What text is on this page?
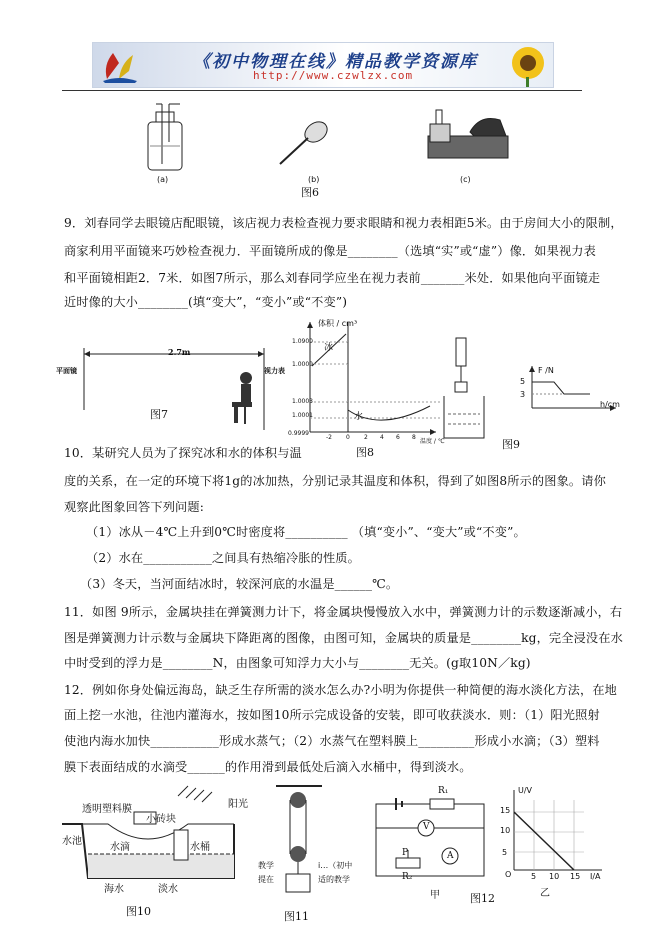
《初中物理在线》精品教学资源库
http://www.czwlzx.com
(a)	(b)	(c)
图6
9．刘春同学去眼镜店配眼镜，该店视力表检查视力要求眼睛和视力表相距5米。由于房间大小的限制，
商家利用平面镜来巧妙检查视力．平面镜所成的像是________（选填“实”或“虚”）像．如果视力表
和平面镜相距2．7米．如图7所示，那么刘春同学应坐在视力表前_______米处．如果他向平面镜走
近时像的大小________(填“变大”，“变小”或“不变”)
2.7m
平面镜	视力表
图7
体积 / cm³
冰
水
1.0900
1.0000
1.0001
1.0003
0.9999
-2 0 2 4 6 8
温度 / ℃
图8
F /N
5
3
h/cm
图9
10．某研究人员为了探究冰和水的体积与温
度的关系，在一定的环境下将1g的冰加热，分别记录其温度和体积，得到了如图8所示的图象。请你
观察此图象回答下列问题:
（1）冰从－4℃上升到0℃时密度将__________ （填“变小”、“变大”或“不变”。
（2）水在___________之间具有热缩冷胀的性质。
（3）冬天，当河面结冰时，较深河底的水温是______℃。
11．如图 9所示，金属块挂在弹簧测力计下，将金属块慢慢放入水中，弹簧测力计的示数逐渐减小，右
图是弹簧测力计示数与金属块下降距离的图像，由图可知，金属块的质量是________kg，完全浸没在水
中时受到的浮力是________N，由图象可知浮力大小与________无关。(g取10N／kg)
12．例如你身处偏远海岛，缺乏生存所需的淡水怎么办?小明为你提供一种简便的海水淡化方法，在地
面上挖一水池，往池内灌海水，按如图10所示完成设备的安装，即可收获淡水．则：（1）阳光照射
使池内海水加快___________形成水蒸气；（2）水蒸气在塑料膜上_________形成小水滴；（3）塑料
膜下表面结成的水滴受______的作用滑到最低处后滴入水桶中，得到淡水。
透明塑料膜
小砖块
阳光
水池
水滴	水桶
海水	淡水
图10
教学
提在
i…（初中
适的教学
图11
R₁
V
P	A
R₂
甲
U/V
15
10
5
O 5 10 15 I/A
乙
图12
